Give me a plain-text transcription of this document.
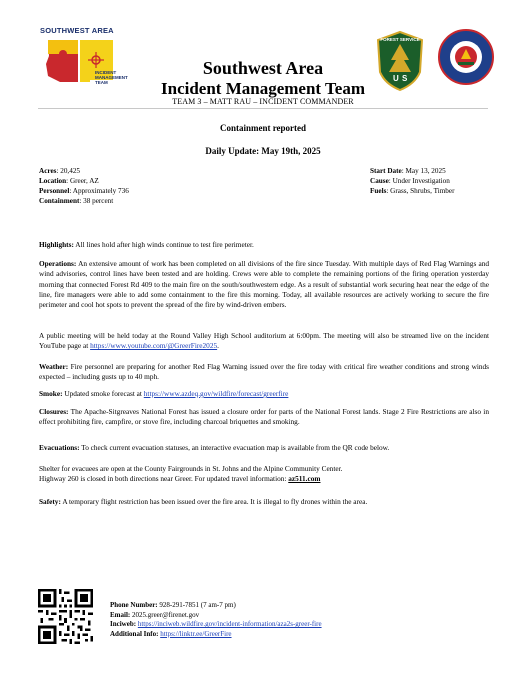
SOUTHWEST AREA
INCIDENT MANAGEMENT TEAM
Southwest Area
Incident Management Team
TEAM 3 – MATT RAU – INCIDENT COMMANDER
FOREST SERVICE
U S
Containment reported
Daily Update: May 19th, 2025
Acres: 20,425
Location: Greer, AZ
Personnel: Approximately 736
Containment: 38 percent
Start Date: May 13, 2025
Cause: Under Investigation
Fuels: Grass, Shrubs, Timber
Highlights: All lines hold after high winds continue to test fire perimeter.
Operations: An extensive amount of work has been completed on all divisions of the fire since Tuesday. With multiple days of Red Flag Warnings and wind advisories, control lines have been tested and are holding. Crews were able to complete the remaining portions of the firing operation yesterday morning that connected Forest Rd 409 to the main fire on the south/southwestern edge. As a result of substantial work securing heat near the edge of the line, fire managers were able to add some containment to the fire this morning. Today, all available resources are actively working to secure the fire perimeter and cool hot spots to prevent the spread of the fire by wind-driven embers.
A public meeting will be held today at the Round Valley High School auditorium at 6:00pm. The meeting will also be streamed live on the incident YouTube page at https://www.youtube.com/@GreerFire2025.
Weather: Fire personnel are preparing for another Red Flag Warning issued over the fire today with critical fire weather conditions and strong winds expected – including gusts up to 40 mph.
Smoke: Updated smoke forecast at https://www.azdeq.gov/wildfire/forecast/greerfire
Closures: The Apache-Sitgreaves National Forest has issued a closure order for parts of the National Forest lands. Stage 2 Fire Restrictions are also in effect prohibiting fire, campfire, or stove fire, including charcoal briquettes and smoking.
Evacuations: To check current evacuation statuses, an interactive evacuation map is available from the QR code below.
Shelter for evacuees are open at the County Fairgrounds in St. Johns and the Alpine Community Center.
Highway 260 is closed in both directions near Greer. For updated travel information: az511.com
Safety: A temporary flight restriction has been issued over the fire area. It is illegal to fly drones within the area.
Phone Number: 928-291-7851 (7 am-7 pm)
Email: 2025.greer@firenet.gov
Inciweb: https://inciweb.wildfire.gov/incident-information/aza2s-greer-fire
Additional Info: https://linktr.ee/GreerFire
